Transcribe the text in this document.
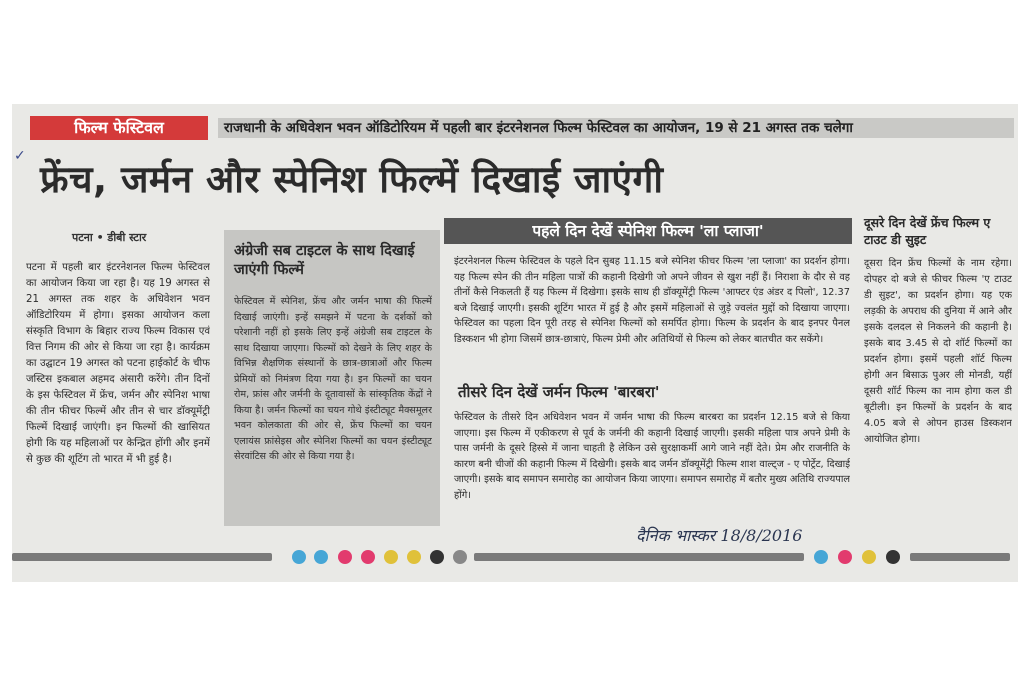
✓
फिल्म फेस्टिवल	राजधानी के अधिवेशन भवन ऑडिटोरियम में पहली बार इंटरनेशनल फिल्म फेस्टिवल का आयोजन, 19 से 21 अगस्त तक चलेगा
फ्रेंच, जर्मन और स्पेनिश फिल्में दिखाई जाएंगी
पटना • डीबी स्टार
पटना में पहली बार इंटरनेशनल फिल्म फेस्टिवल का आयोजन किया जा रहा है। यह 19 अगस्त से 21 अगस्त तक शहर के अधिवेशन भवन ऑडिटोरियम में होगा। इसका आयोजन कला संस्कृति विभाग के बिहार राज्य फिल्म विकास एवं वित्त निगम की ओर से किया जा रहा है। कार्यक्रम का उद्घाटन 19 अगस्त को पटना हाईकोर्ट के चीफ जस्टिस इकबाल अहमद अंसारी करेंगे। तीन दिनों के इस फेस्टिवल में फ्रेंच, जर्मन और स्पेनिश भाषा की तीन फीचर फिल्में और तीन से चार डॉक्यूमेंट्री फिल्में दिखाई जाएंगी। इन फिल्मों की खासियत होगी कि यह महिलाओं पर केन्द्रित होंगी और इनमें से कुछ की शूटिंग तो भारत में भी हुई है।
अंग्रेजी सब टाइटल के साथ दिखाई जाएंगी फिल्में
फेस्टिवल में स्पेनिश, फ्रेंच और जर्मन भाषा की फिल्में दिखाई जाएंगी। इन्हें समझने में पटना के दर्शकों को परेशानी नहीं हो इसके लिए इन्हें अंग्रेजी सब टाइटल के साथ दिखाया जाएगा। फिल्मों को देखने के लिए शहर के विभिन्न शैक्षणिक संस्थानों के छात्र-छात्राओं और फिल्म प्रेमियों को निमंत्रण दिया गया है। इन फिल्मों का चयन रोम, फ्रांस और जर्मनी के दूतावासों के सांस्कृतिक केंद्रों ने किया है। जर्मन फिल्मों का चयन गोथे इंस्टीट्यूट मैक्समूलर भवन कोलकाता की ओर से, फ्रेंच फिल्मों का चयन एलायंस फ्रांसेइस और स्पेनिश फिल्मों का चयन इंस्टीट्यूट सेरवांटिस की ओर से किया गया है।
पहले दिन देखें स्पेनिश फिल्म 'ला प्लाजा'
इंटरनेशनल फिल्म फेस्टिवल के पहले दिन सुबह 11.15 बजे स्पेनिश फीचर फिल्म 'ला प्लाजा' का प्रदर्शन होगा। यह फिल्म स्पेन की तीन महिला पात्रों की कहानी दिखेगी जो अपने जीवन से खुश नहीं हैं। निराशा के दौर से वह तीनों कैसे निकलती हैं यह फिल्म में दिखेगा। इसके साथ ही डॉक्यूमेंट्री फिल्म 'आफ्टर एंड अंडर द पिलो', 12.37 बजे दिखाई जाएगी। इसकी शूटिंग भारत में हुई है और इसमें महिलाओं से जुड़े ज्वलंत मुद्दों को दिखाया जाएगा। फेस्टिवल का पहला दिन पूरी तरह से स्पेनिश फिल्मों को समर्पित होगा। फिल्म के प्रदर्शन के बाद इनपर पैनल डिस्कशन भी होगा जिसमें छात्र-छात्राएं, फिल्म प्रेमी और अतिथियों से फिल्म को लेकर बातचीत कर सकेंगे।
तीसरे दिन देखें जर्मन फिल्म 'बारबरा'
फेस्टिवल के तीसरे दिन अधिवेशन भवन में जर्मन भाषा की फिल्म बारबरा का प्रदर्शन 12.15 बजे से किया जाएगा। इस फिल्म में एकीकरण से पूर्व के जर्मनी की कहानी दिखाई जाएगी। इसकी महिला पात्र अपने प्रेमी के पास जर्मनी के दूसरे हिस्से में जाना चाहती है लेकिन उसे सुरक्षाकर्मी आगे जाने नहीं देते। प्रेम और राजनीति के कारण बनी चीजों की कहानी फिल्म में दिखेगी। इसके बाद जर्मन डॉक्यूमेंट्री फिल्म शाश वाल्ट्ज - ए पोर्ट्रेट, दिखाई जाएगी। इसके बाद समापन समारोह का आयोजन किया जाएगा। समापन समारोह में बतौर मुख्य अतिथि राज्यपाल होंगे।
दूसरे दिन देखें फ्रेंच फिल्म ए टाउट डी सुइट
दूसरा दिन फ्रेंच फिल्मों के नाम रहेगा। दोपहर दो बजे से फीचर फिल्म 'ए टाउट डी सुइट', का प्रदर्शन होगा। यह एक लड़की के अपराध की दुनिया में आने और इसके दलदल से निकलने की कहानी है। इसके बाद 3.45 से दो शॉर्ट फिल्मों का प्रदर्शन होगा। इसमें पहली शॉर्ट फिल्म होगी अन बिसाऊ पुअर ली मोनडी, यहीं दूसरी शॉर्ट फिल्म का नाम होगा कल डी बूटीली। इन फिल्मों के प्रदर्शन के बाद 4.05 बजे से ओपन हाउस डिस्कशन आयोजित होगा।
दैनिक भास्कर 18/8/2016
